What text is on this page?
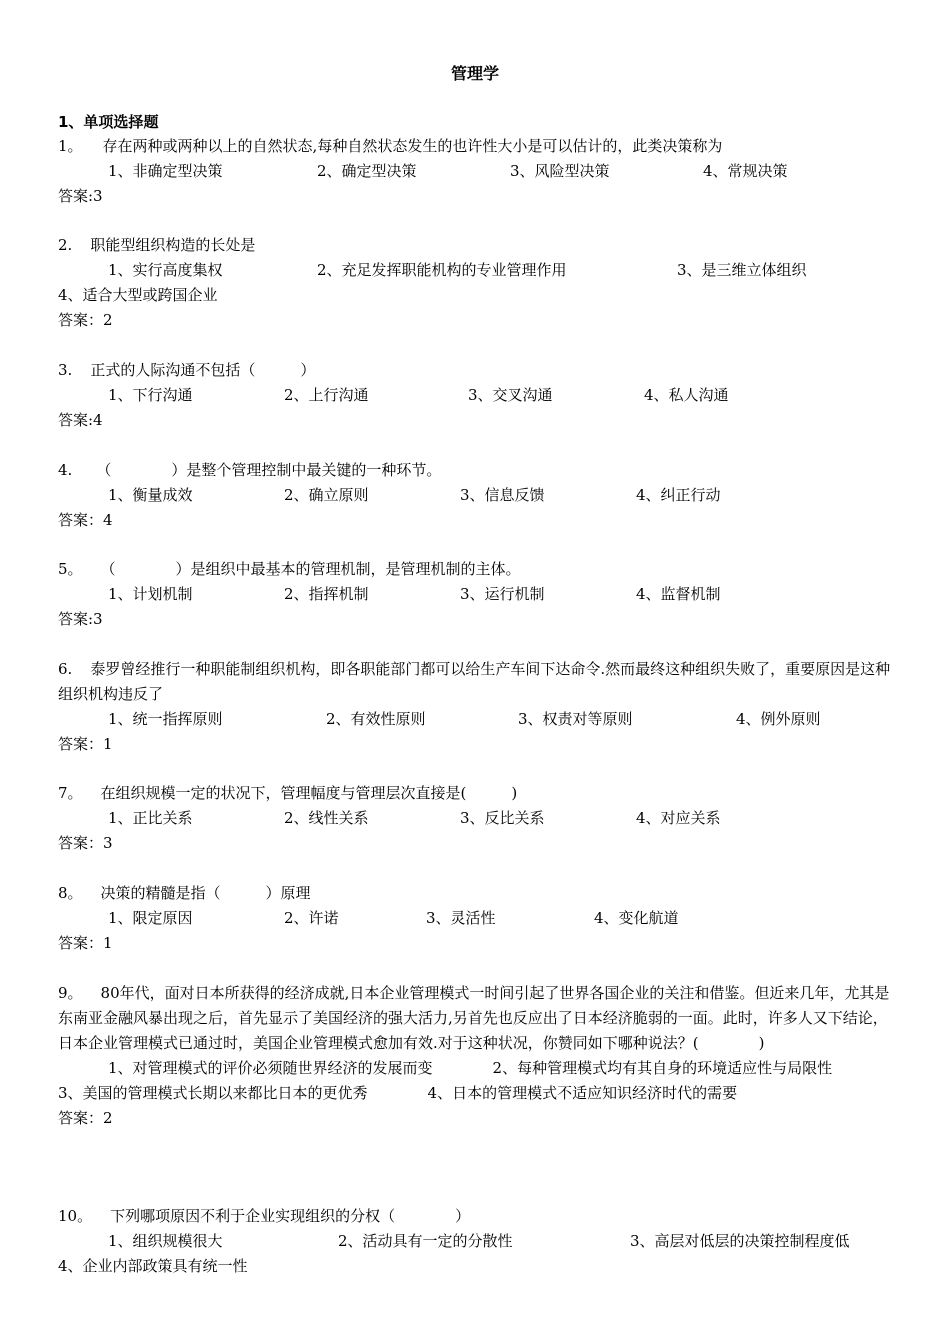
管理学
1、单项选择题
1。 存在两种或两种以上的自然状态,每种自然状态发生的也许性大小是可以估计的，此类决策称为
1、非确定型决策	2、确定型决策	3、风险型决策	4、常规决策
答案:3
2. 职能型组织构造的长处是
1、实行高度集权	2、充足发挥职能机构的专业管理作用	3、是三维立体组织
4、适合大型或跨国企业
答案：2
3. 正式的人际沟通不包括（　　　）
1、下行沟通	2、上行沟通	3、交叉沟通	4、私人沟通
答案:4
4. （　　　　）是整个管理控制中最关键的一种环节。
1、衡量成效	2、确立原则	3、信息反馈	4、纠正行动
答案：4
5。 （　　　　）是组织中最基本的管理机制，是管理机制的主体。
1、计划机制	2、指挥机制	3、运行机制	4、监督机制
答案:3
6. 泰罗曾经推行一种职能制组织机构，即各职能部门都可以给生产车间下达命令.然而最终这种组织失败了，重要原因是这种组织机构违反了
1、统一指挥原则	2、有效性原则	3、权责对等原则	4、例外原则
答案：1
7。 在组织规模一定的状况下，管理幅度与管理层次直接是(　　　)
1、正比关系	2、线性关系	3、反比关系	4、对应关系
答案：3
8。 决策的精髓是指（　　　）原理
1、限定原因	2、许诺	3、灵活性	4、变化航道
答案：1
9。 80年代，面对日本所获得的经济成就,日本企业管理模式一时间引起了世界各国企业的关注和借鉴。但近来几年，尤其是东南亚金融风暴出现之后，首先显示了美国经济的强大活力,另首先也反应出了日本经济脆弱的一面。此时，许多人又下结论，日本企业管理模式已通过时，美国企业管理模式愈加有效.对于这种状况，你赞同如下哪种说法？(　　　　)
1、对管理模式的评价必须随世界经济的发展而变	2、每种管理模式均有其自身的环境适应性与局限性3、美国的管理模式长期以来都比日本的更优秀	4、日本的管理模式不适应知识经济时代的需要
答案：2
10。 下列哪项原因不利于企业实现组织的分权（　　　　）
1、组织规模很大	2、活动具有一定的分散性	3、高层对低层的决策控制程度低
4、企业内部政策具有统一性
